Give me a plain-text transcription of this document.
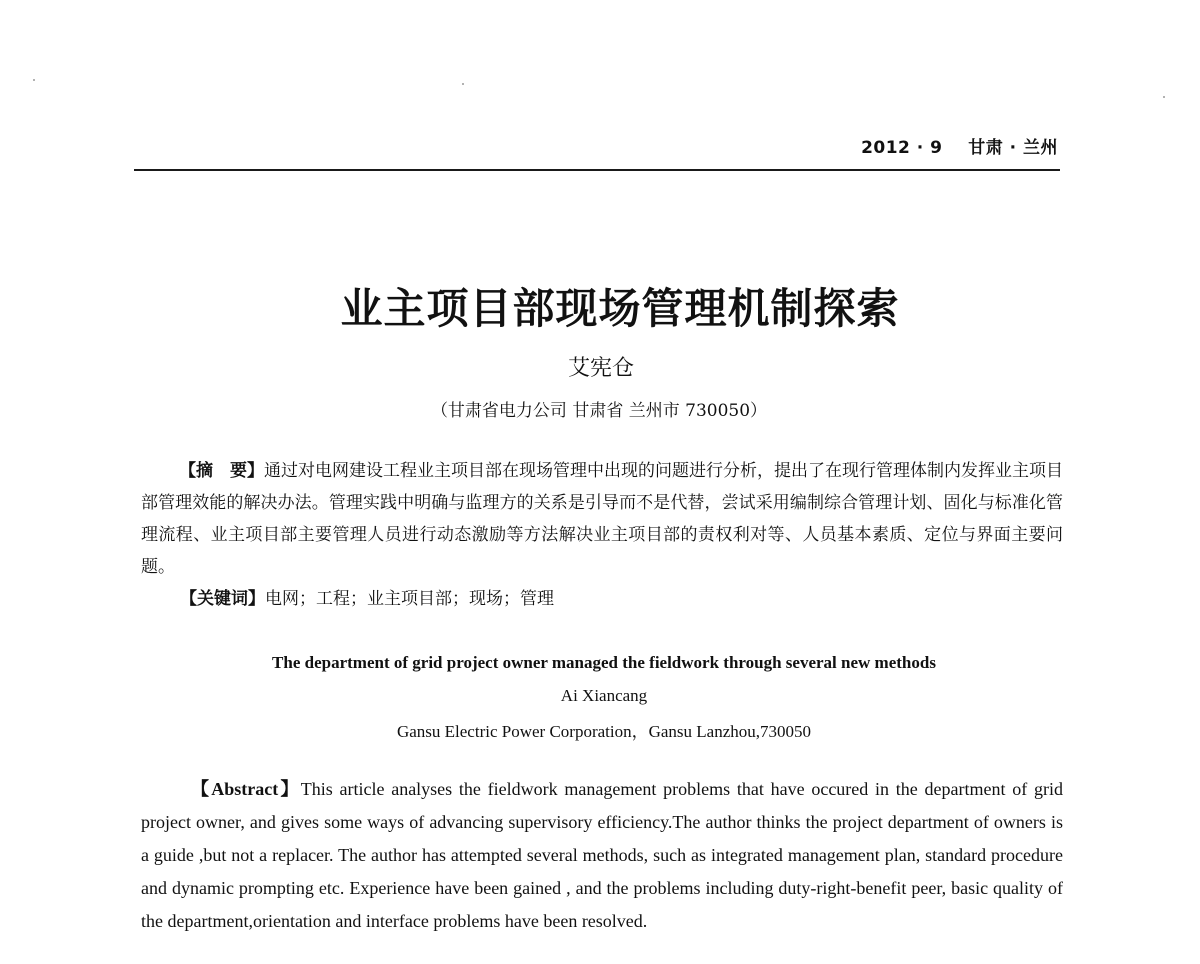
2012 · 9 甘肃 · 兰州
业主项目部现场管理机制探索
艾宪仓
（甘肃省电力公司 甘肃省 兰州市 730050）

【摘　要】通过对电网建设工程业主项目部在现场管理中出现的问题进行分析，提出了在现行管理体制内发挥业主项目部管理效能的解决办法。管理实践中明确与监理方的关系是引导而不是代替，尝试采用编制综合管理计划、固化与标准化管理流程、业主项目部主要管理人员进行动态激励等方法解决业主项目部的责权利对等、人员基本素质、定位与界面主要问题。

【关键词】电网；工程；业主项目部；现场；管理

The department of grid project owner managed the fieldwork through several new methods
Ai Xiancang
Gansu Electric Power Corporation，Gansu Lanzhou,730050

【Abstract】This article analyses the fieldwork management problems that have occured in the department of grid project owner, and gives some ways of advancing supervisory efficiency.The author thinks the project department of owners is a guide ,but not a replacer. The author has attempted several methods, such as integrated management plan, standard procedure and dynamic prompting etc. Experience have been gained , and the problems including duty-right-benefit peer, basic quality of the department,orientation and interface problems have been resolved.
